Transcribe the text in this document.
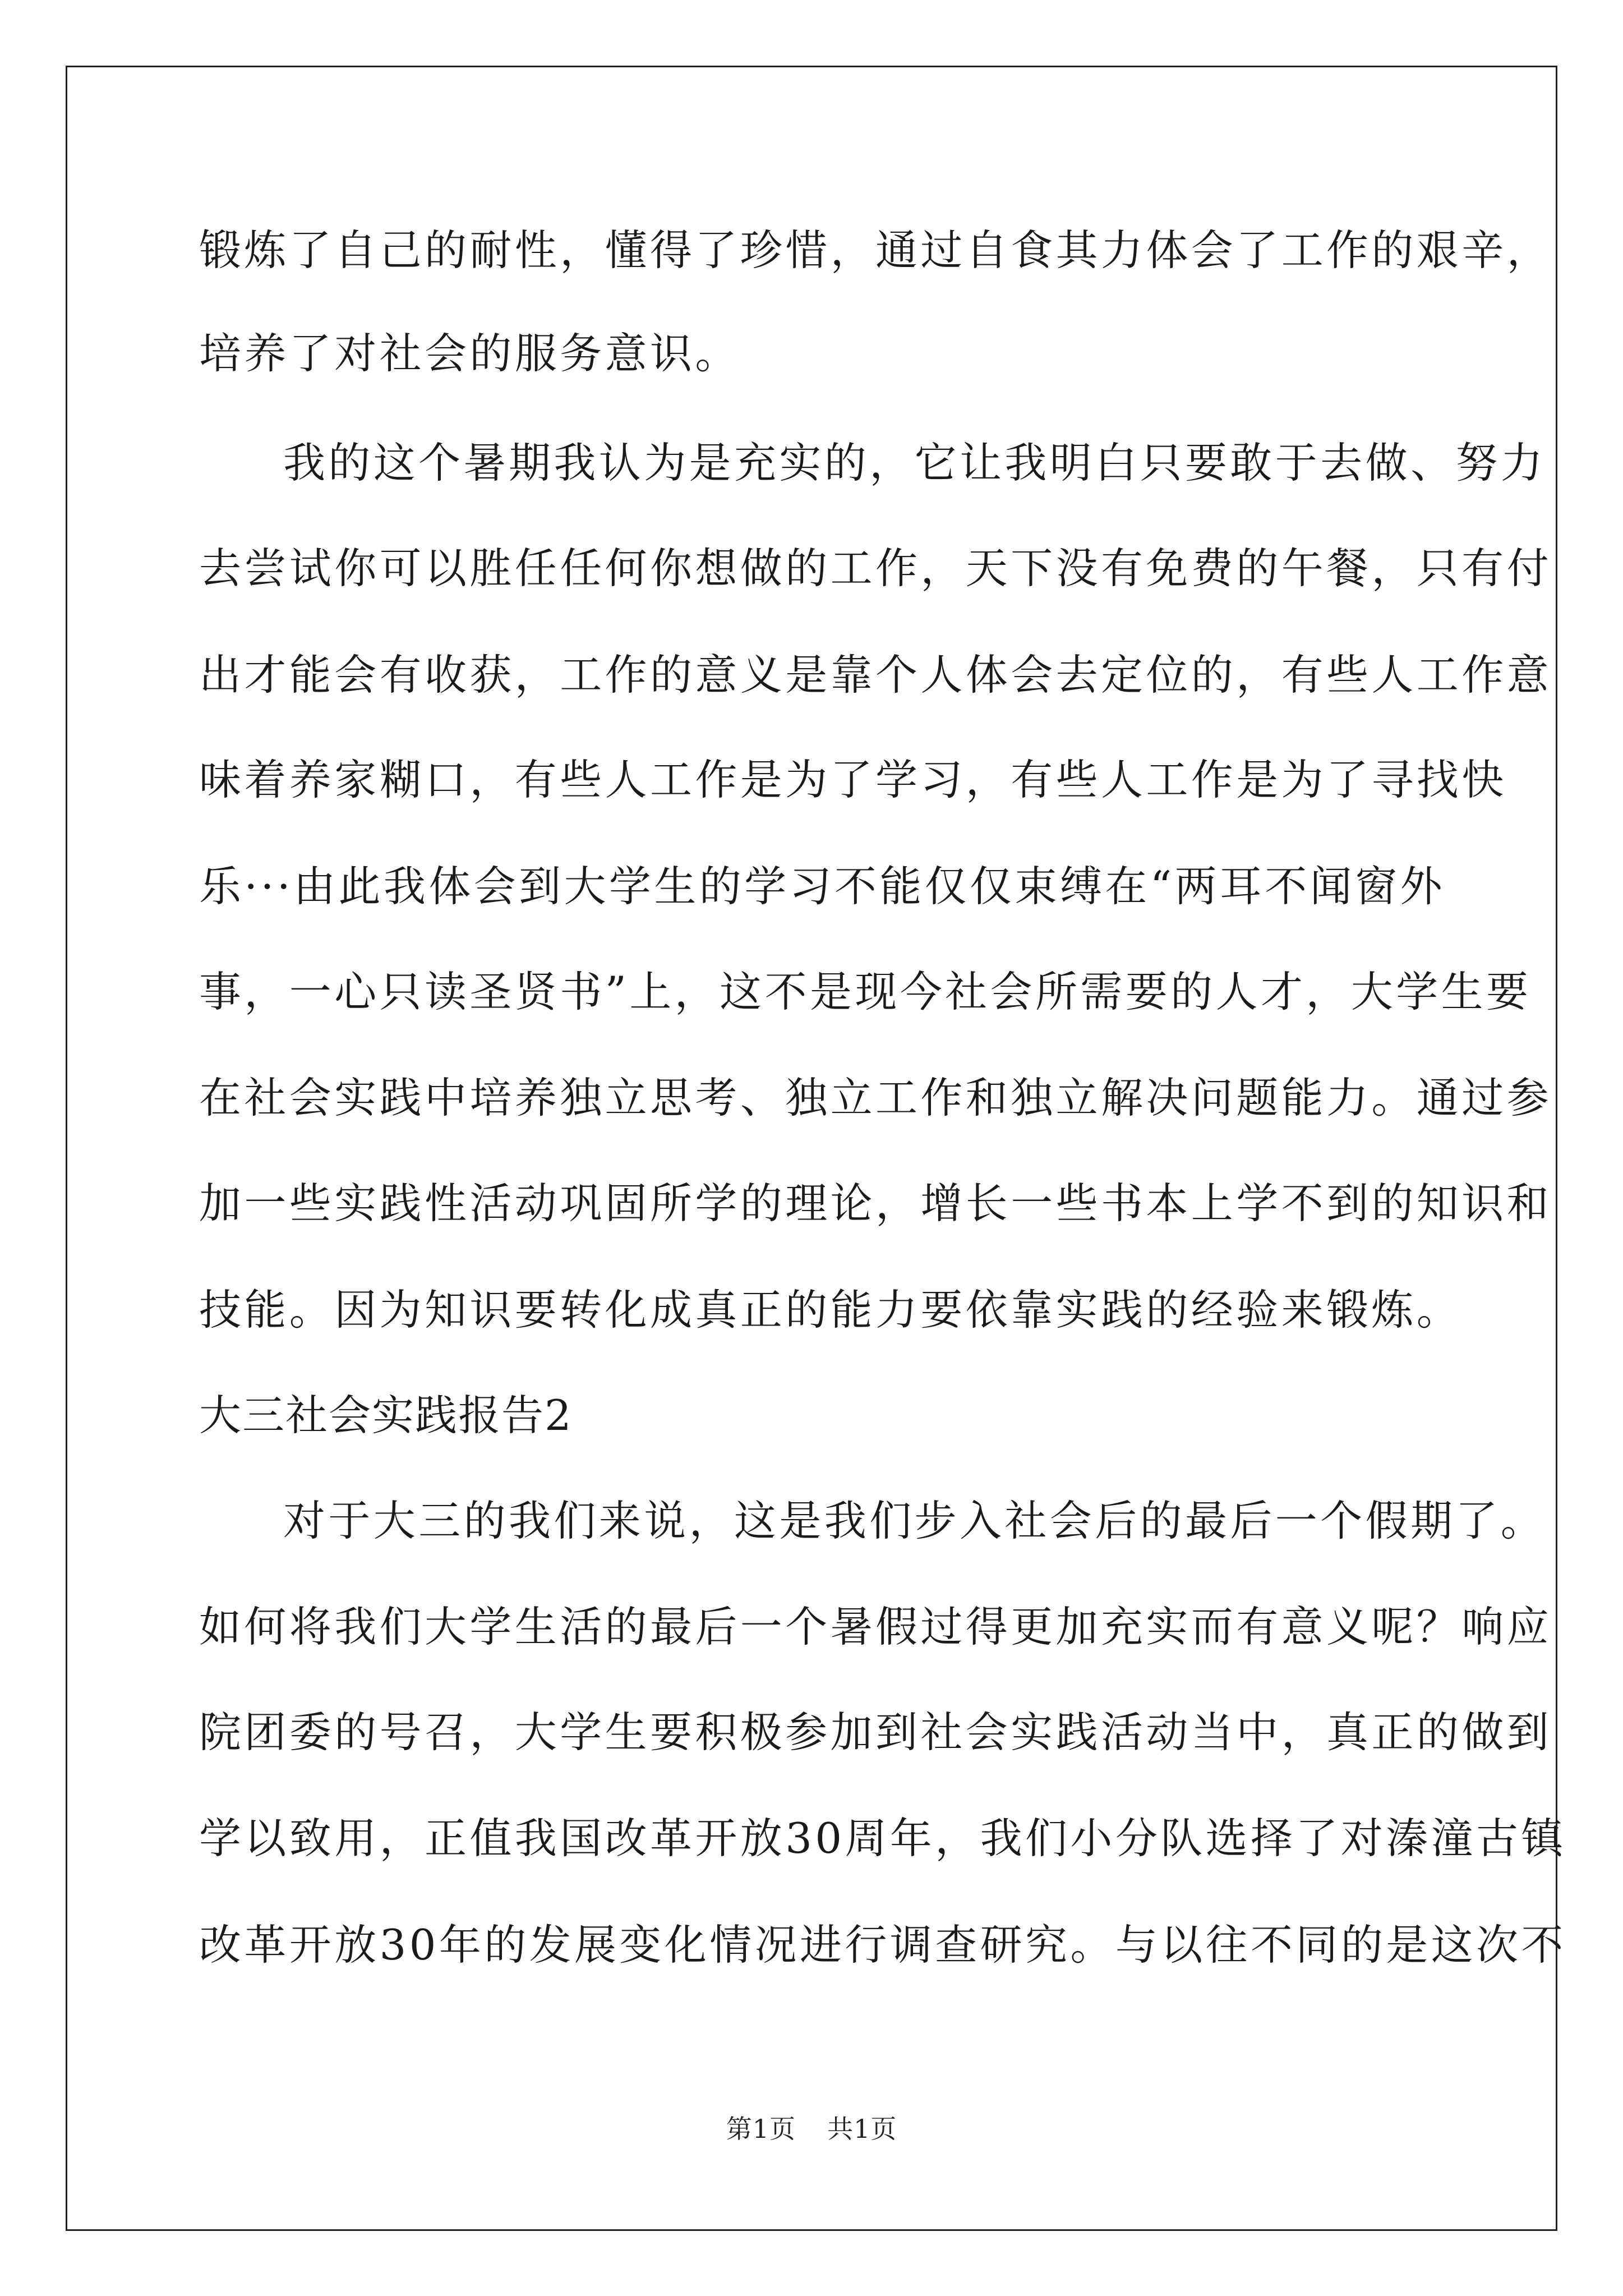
锻炼了自己的耐性，懂得了珍惜，通过自食其力体会了工作的艰辛，
培养了对社会的服务意识。
我的这个暑期我认为是充实的，它让我明白只要敢于去做、努力
去尝试你可以胜任任何你想做的工作，天下没有免费的午餐，只有付
出才能会有收获，工作的意义是靠个人体会去定位的，有些人工作意
味着养家糊口，有些人工作是为了学习，有些人工作是为了寻找快
乐···由此我体会到大学生的学习不能仅仅束缚在“两耳不闻窗外
事，一心只读圣贤书”上，这不是现今社会所需要的人才，大学生要
在社会实践中培养独立思考、独立工作和独立解决问题能力。通过参
加一些实践性活动巩固所学的理论，增长一些书本上学不到的知识和
技能。因为知识要转化成真正的能力要依靠实践的经验来锻炼。
大三社会实践报告2
对于大三的我们来说，这是我们步入社会后的最后一个假期了。
如何将我们大学生活的最后一个暑假过得更加充实而有意义呢？响应
院团委的号召，大学生要积极参加到社会实践活动当中，真正的做到
学以致用，正值我国改革开放30周年，我们小分队选择了对溱潼古镇
改革开放30年的发展变化情况进行调查研究。与以往不同的是这次不
第1页 共1页
